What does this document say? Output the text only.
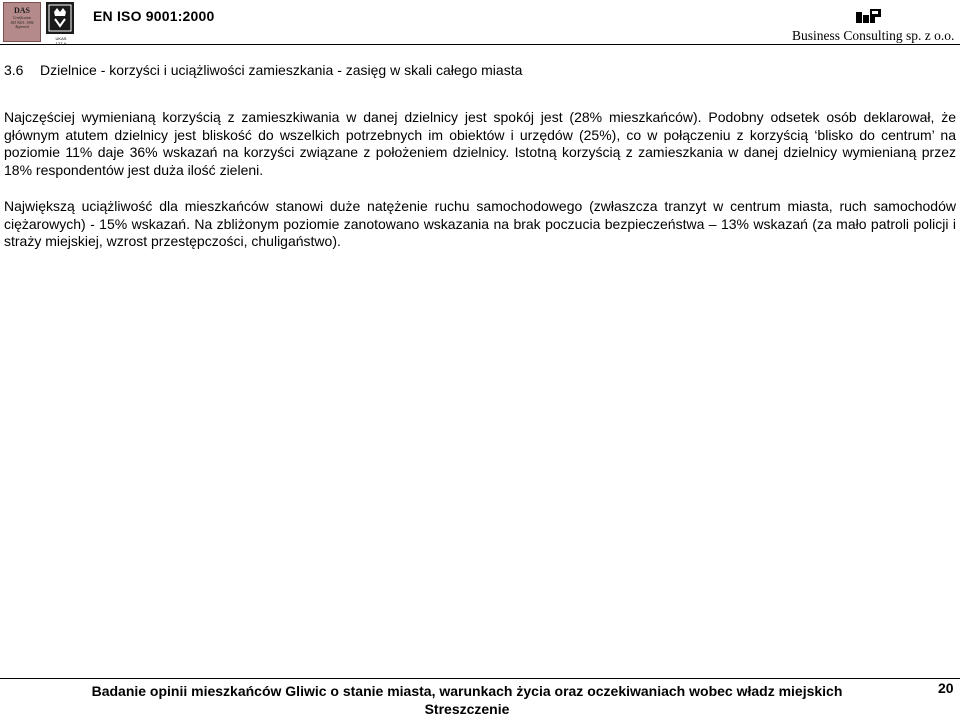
DAS
Certification
ISO 9001: 1994
Approved
UKAS
EN ISO 9001:2000
Business Consulting sp. z o.o.
3.6 Dzielnice - korzyści i uciążliwości zamieszkania - zasięg w skali całego miasta

Najczęściej wymienianą korzyścią z zamieszkiwania w danej dzielnicy jest spokój jest (28% mieszkańców). Podobny odsetek osób deklarował, że głównym atutem dzielnicy jest bliskość do wszelkich potrzebnych im obiektów i urzędów (25%), co w połączeniu z korzyścią ‘blisko do centrum’ na poziomie 11% daje 36% wskazań na korzyści związane z położeniem dzielnicy. Istotną korzyścią z zamieszkania w danej dzielnicy wymienianą przez 18% respondentów jest duża ilość zieleni.

Największą uciążliwość dla mieszkańców stanowi duże natężenie ruchu samochodowego (zwłaszcza tranzyt w centrum miasta, ruch samochodów ciężarowych) - 15% wskazań. Na zbliżonym poziomie zanotowano wskazania na brak poczucia bezpieczeństwa – 13% wskazań (za mało patroli policji i straży miejskiej, wzrost przestępczości, chuligaństwo).

Badanie opinii mieszkańców Gliwic o stanie miasta, warunkach życia oraz oczekiwaniach wobec władz miejskich
Streszczenie
20
